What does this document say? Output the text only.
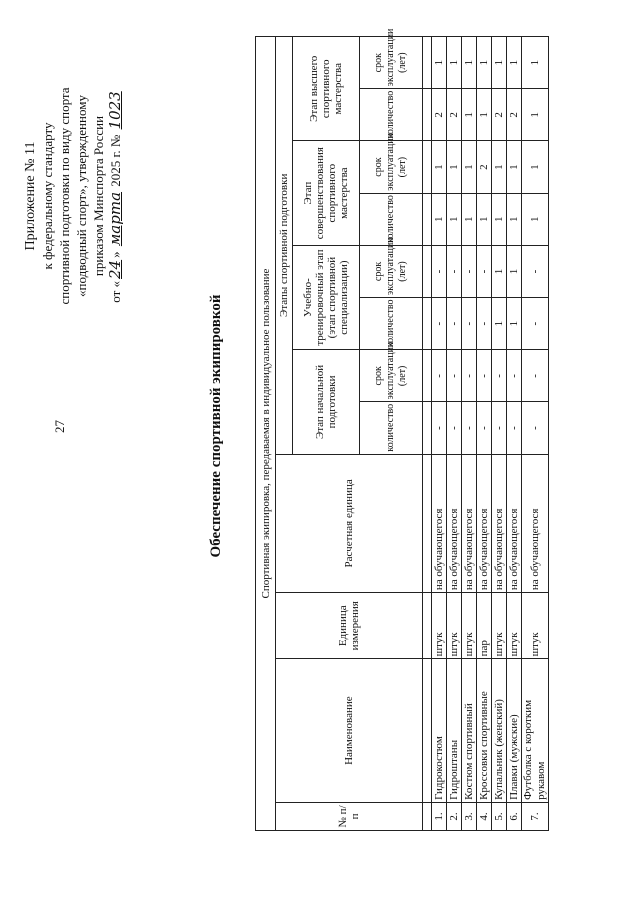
27
Приложение № 11 к федеральному стандарту спортивной подготовки по виду спорта «подводный спорт», утвержденному приказом Минспорта России
от «24» марта 2025 г. № 1023
Обеспечение спортивной экипировкой	Спортивная экипировка, передаваемая в индивидуальное пользование											
№ п/п	Наименование	Единица измерения	Расчетная единица	Этапы спортивной подготовки							
				Этап начальной подготовки		Учебно-тренировочный этап (этап спортивной специализации)		Этап совершенствования спортивного мастерства		Этап высшего спортивного мастерства	
				количество	срок эксплуатации (лет)	количество	срок эксплуатации (лет)	количество	срок эксплуатации (лет)	количество	срок эксплуатации (лет)

1.	Гидрокостюм	штук	на обучающегося	-	-	-	-	1	1	2	1
2.	Гидроштаны	штук	на обучающегося	-	-	-	-	1	1	2	1
3.	Костюм спортивный	штук	на обучающегося	-	-	-	-	1	1	1	1
4.	Кроссовки спортивные	пар	на обучающегося	-	-	-	-	1	2	1	1
5.	Купальник (женский)	штук	на обучающегося	-	-	1	1	1	1	2	1
6.	Плавки (мужские)	штук	на обучающегося	-	-	1	1	1	1	2	1
7.	Футболка с коротким рукавом	штук	на обучающегося	-	-	-	-	1	1	1	1
